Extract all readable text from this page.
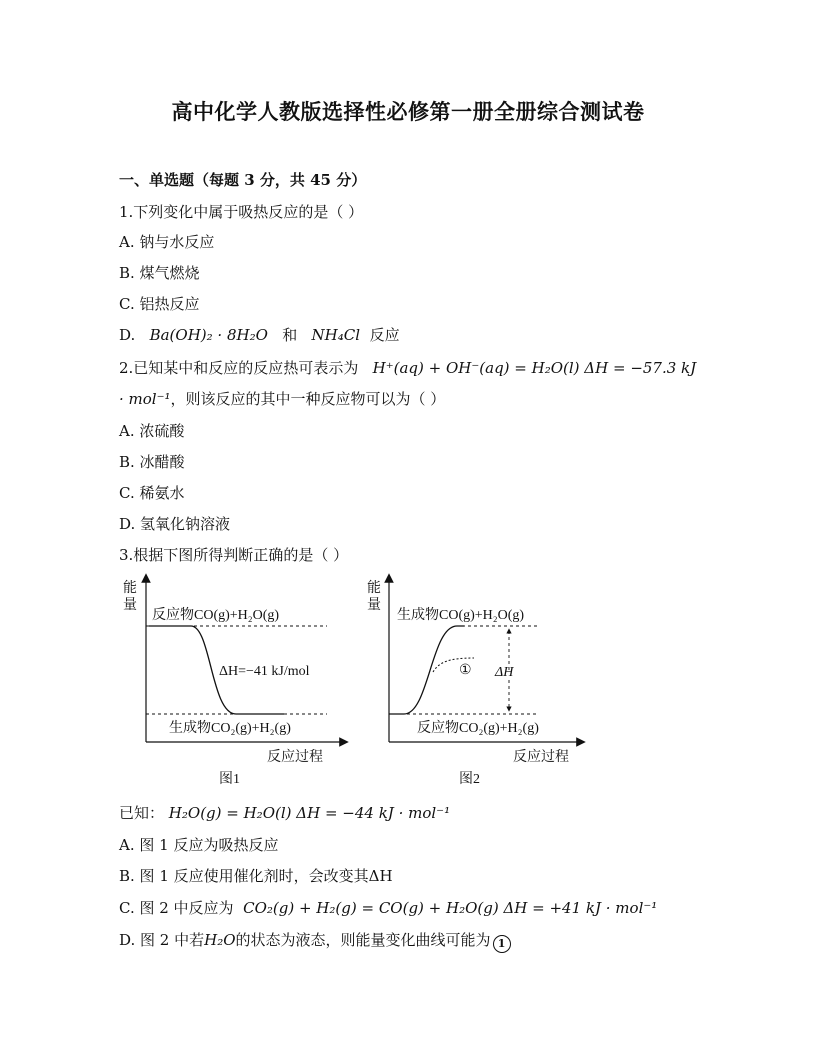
高中化学人教版选择性必修第一册全册综合测试卷
一、单选题（每题 3 分，共 45 分）
1.下列变化中属于吸热反应的是（ ）
A. 钠与水反应
B. 煤气燃烧
C. 铝热反应
D. Ba(OH)₂ · 8H₂O 和 NH₄Cl 反应
2.已知某中和反应的反应热可表示为 H⁺(aq) + OH⁻(aq) = H₂O(l) ΔH = −57.3 kJ
· mol⁻¹，则该反应的其中一种反应物可以为（ ）
A. 浓硫酸
B. 冰醋酸
C. 稀氨水
D. 氢氧化钠溶液
3.根据下图所得判断正确的是（ ）
能
量
反应物CO(g)+H₂O(g)
ΔH=−41 kJ/mol
生成物CO₂(g)+H₂(g)
反应过程
图1
能
量
生成物CO(g)+H₂O(g)
① ΔH
反应物CO₂(g)+H₂(g)
反应过程
图2
已知： H₂O(g) = H₂O(l) ΔH = −44 kJ · mol⁻¹
A. 图 1 反应为吸热反应
B. 图 1 反应使用催化剂时，会改变其ΔH
C. 图 2 中反应为 CO₂(g) + H₂(g) = CO(g) + H₂O(g) ΔH = +41 kJ · mol⁻¹
D. 图 2 中若H₂O的状态为液态，则能量变化曲线可能为 1
